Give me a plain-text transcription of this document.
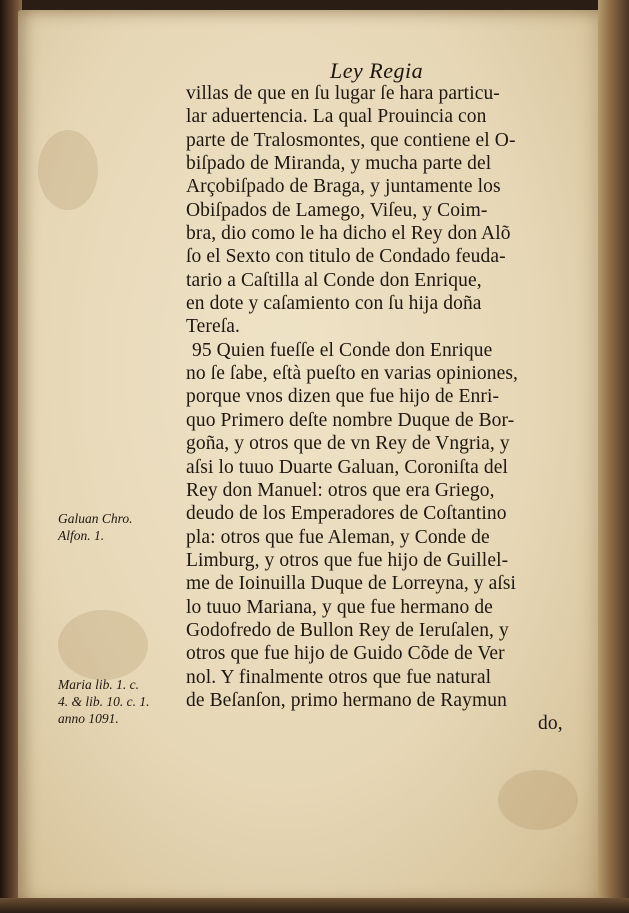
Ley Regia
villas de que en ſu lugar ſe hara particu-
lar aduertencia. La qual Prouincia con
parte de Tralosmontes, que contiene el O-
biſpado de Miranda, y mucha parte del
Arçobiſpado de Braga, y juntamente los
Obiſpados de Lamego, Viſeu, y Coim-
bra, dio como le ha dicho el Rey don Alõ
ſo el Sexto con titulo de Condado feuda-
tario a Caſtilla al Conde don Enrique,
en dote y caſamiento con ſu hija doña
Tereſa.
95 Quien fueſſe el Conde don Enrique
no ſe ſabe, eſtà pueſto en varias opiniones,
porque vnos dizen que fue hijo de Enri-
quo Primero deſte nombre Duque de Bor-
goña, y otros que de vn Rey de Vngria, y
aſsi lo tuuo Duarte Galuan, Coroniſta del
Rey don Manuel: otros que era Griego,
deudo de los Emperadores de Coſtantino
pla: otros que fue Aleman, y Conde de
Limburg, y otros que fue hijo de Guillel-
me de Ioinuilla Duque de Lorreyna, y aſsi
lo tuuo Mariana, y que fue hermano de
Godofredo de Bullon Rey de Ieruſalen, y
otros que fue hijo de Guido Cõde de Ver
nol. Y finalmente otros que fue natural
de Beſanſon, primo hermano de Raymun
do,
Galuan Chro.
Alfon. 1.
Maria lib. 1. c.
4. & lib. 10. c. 1.
anno 1091.
